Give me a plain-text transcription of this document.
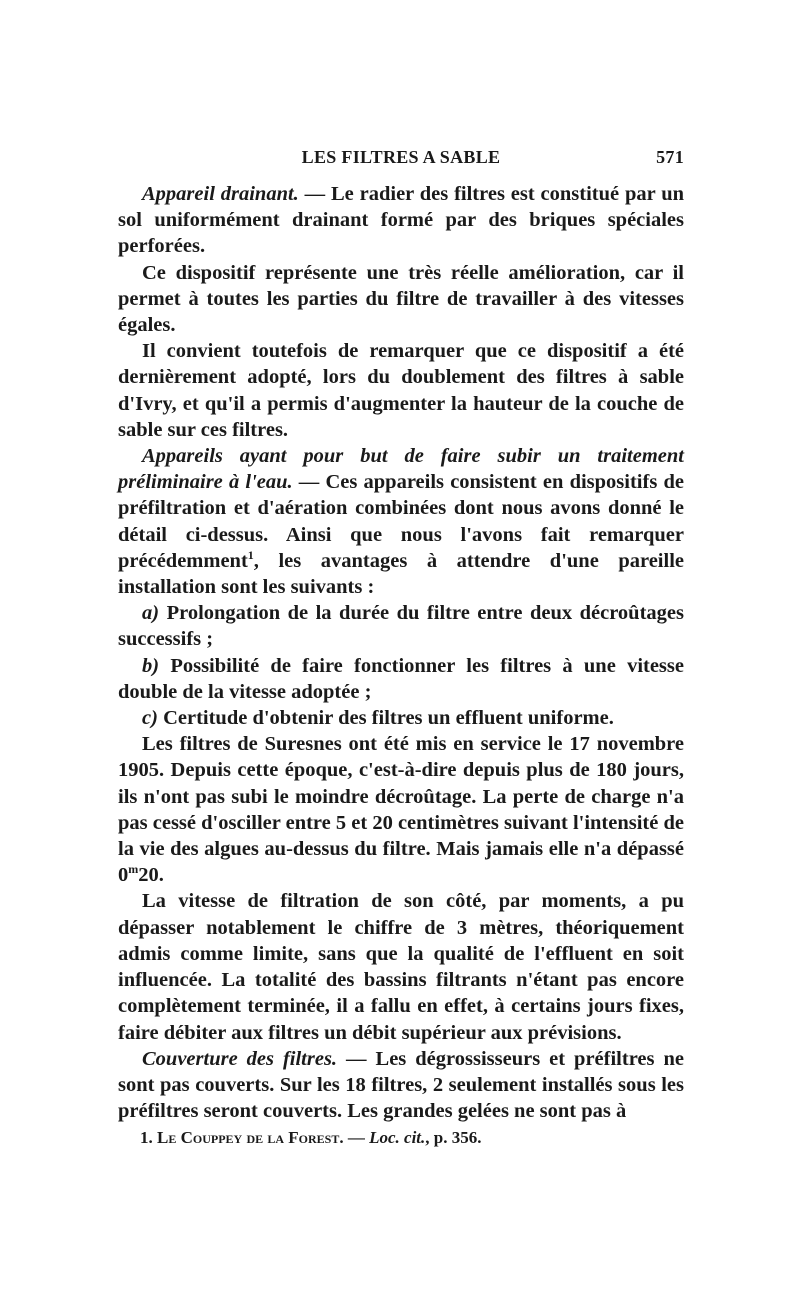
LES FILTRES A SABLE	571

Appareil drainant. — Le radier des filtres est constitué par un sol uniformément drainant formé par des briques spéciales perforées.

Ce dispositif représente une très réelle amélioration, car il permet à toutes les parties du filtre de travailler à des vitesses égales.

Il convient toutefois de remarquer que ce dispositif a été dernièrement adopté, lors du doublement des filtres à sable d'Ivry, et qu'il a permis d'augmenter la hauteur de la couche de sable sur ces filtres.

Appareils ayant pour but de faire subir un traitement préliminaire à l'eau. — Ces appareils consistent en dispositifs de préfiltration et d'aération combinées dont nous avons donné le détail ci-dessus. Ainsi que nous l'avons fait remarquer précédemment$^1$, les avantages à attendre d'une pareille installation sont les suivants :

a) Prolongation de la durée du filtre entre deux décroûtages successifs ;

b) Possibilité de faire fonctionner les filtres à une vitesse double de la vitesse adoptée ;

c) Certitude d'obtenir des filtres un effluent uniforme.

Les filtres de Suresnes ont été mis en service le 17 novembre 1905. Depuis cette époque, c'est-à-dire depuis plus de 180 jours, ils n'ont pas subi le moindre décroûtage. La perte de charge n'a pas cessé d'osciller entre 5 et 20 centimètres suivant l'intensité de la vie des algues au-dessus du filtre. Mais jamais elle n'a dépassé 0$^m$20.

La vitesse de filtration de son côté, par moments, a pu dépasser notablement le chiffre de 3 mètres, théoriquement admis comme limite, sans que la qualité de l'effluent en soit influencée. La totalité des bassins filtrants n'étant pas encore complètement terminée, il a fallu en effet, à certains jours fixes, faire débiter aux filtres un débit supérieur aux prévisions.

Couverture des filtres. — Les dégrossisseurs et préfiltres ne sont pas couverts. Sur les 18 filtres, 2 seulement installés sous les préfiltres seront couverts. Les grandes gelées ne sont pas à

1. Le Couppey de la Forest. — Loc. cit., p. 356.
